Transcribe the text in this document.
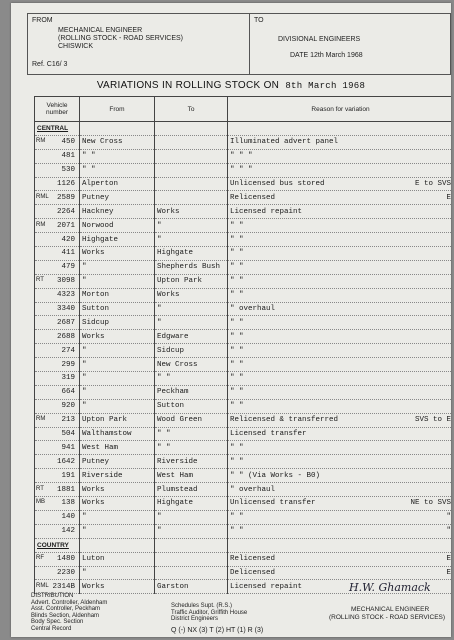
FROM
MECHANICAL ENGINEER
(ROLLING STOCK - ROAD SERVICES)
CHISWICK
Ref. C16/ 3
TO
DIVISIONAL ENGINEERS
DATE 12th March 1968
VARIATIONS IN ROLLING STOCK ON 8th March 1968
Vehicle number	From	To	Reason for variation
CENTRAL			

RM 450	New Cross		Illuminated advert panel

481	" "		" " "

530	" "		" " "

1126	Alperton		Unlicensed bus stored E to SVS

RML 2589	Putney		Relicensed E

2264	Hackney	Works	Licensed repaint

RM 2071	Norwood	"	" "

420	Highgate	"	" "

411	Works	Highgate	" "

479	"	Shepherds Bush	" "

RT 3098	"	Upton Park	" "

4323	Morton	Works	" "

3340	Sutton	"	" overhaul

2687	Sidcup	"	" "

2688	Works	Edgware	" "

274	"	Sidcup	" "

299	"	New Cross	" "

319	"	" "	" "

664	"	Peckham	" "

920	"	Sutton	" "

RM 213	Upton Park	Wood Green	Relicensed & transferred SVS to E

504	Walthamstow	" "	Licensed transfer

941	West Ham	" "	" "

1642	Putney	Riverside	" "

191	Riverside	West Ham	" " (Via Works - B0)

RT 1881	Works	Plumstead	" overhaul

MB 138	Works	Highgate	Unlicensed transfer NE to SVS

140	"	"	" " "

142	"	"	" " "

COUNTRY			

RF 1480	Luton		Relicensed E

2230	"		Delicensed E

RML 2314B	Works	Garston	Licensed repaint
DISTRIBUTION
Advert. Controller, Aldenham
Asst. Controller, Peckham
Blinds Section, Aldenham
Body Spec. Section
Central Record
Schedules Supt. (R.S.)
Traffic Auditor, Griffith House
District Engineers
Q (-) NX (3) T (2) HT (1) R (3)
H.W. Ghamack
MECHANICAL ENGINEER
(ROLLING STOCK - ROAD SERVICES)
